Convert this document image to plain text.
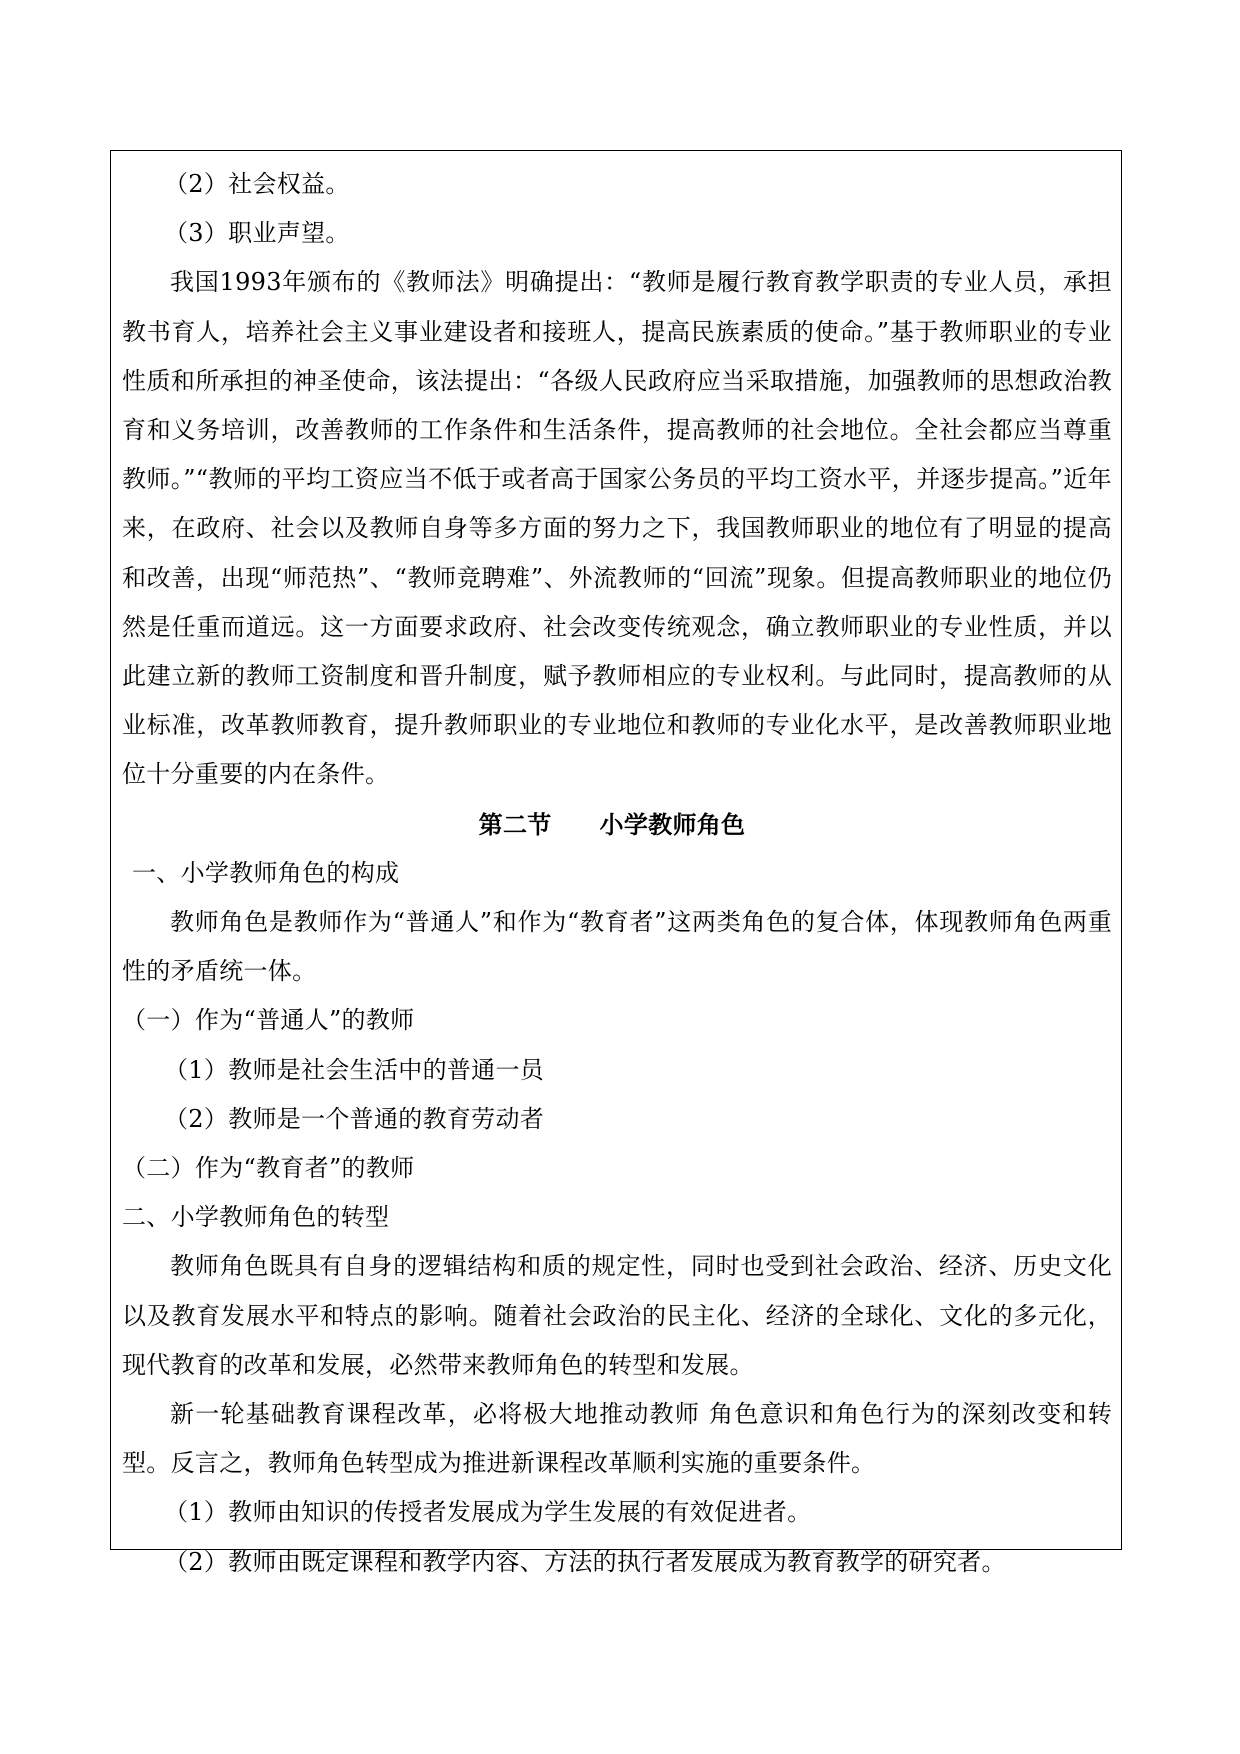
（2）社会权益。

（3）职业声望。

我国1993年颁布的《教师法》明确提出：“教师是履行教育教学职责的专业人员，承担教书育人，培养社会主义事业建设者和接班人，提高民族素质的使命。”基于教师职业的专业性质和所承担的神圣使命，该法提出：“各级人民政府应当采取措施，加强教师的思想政治教育和义务培训，改善教师的工作条件和生活条件，提高教师的社会地位。全社会都应当尊重教师。”“教师的平均工资应当不低于或者高于国家公务员的平均工资水平，并逐步提高。”近年来，在政府、社会以及教师自身等多方面的努力之下，我国教师职业的地位有了明显的提高和改善，出现“师范热”、“教师竞聘难”、外流教师的“回流”现象。但提高教师职业的地位仍然是任重而道远。这一方面要求政府、社会改变传统观念，确立教师职业的专业性质，并以此建立新的教师工资制度和晋升制度，赋予教师相应的专业权利。与此同时，提高教师的从业标准，改革教师教育，提升教师职业的专业地位和教师的专业化水平，是改善教师职业地位十分重要的内在条件。

第二节 小学教师角色

一、小学教师角色的构成

教师角色是教师作为“普通人”和作为“教育者”这两类角色的复合体，体现教师角色两重性的矛盾统一体。

（一）作为“普通人”的教师

（1）教师是社会生活中的普通一员

（2）教师是一个普通的教育劳动者

（二）作为“教育者”的教师

二、小学教师角色的转型

教师角色既具有自身的逻辑结构和质的规定性，同时也受到社会政治、经济、历史文化以及教育发展水平和特点的影响。随着社会政治的民主化、经济的全球化、文化的多元化，现代教育的改革和发展，必然带来教师角色的转型和发展。

新一轮基础教育课程改革，必将极大地推动教师 角色意识和角色行为的深刻改变和转型。反言之，教师角色转型成为推进新课程改革顺利实施的重要条件。

（1）教师由知识的传授者发展成为学生发展的有效促进者。

（2）教师由既定课程和教学内容、方法的执行者发展成为教育教学的研究者。
